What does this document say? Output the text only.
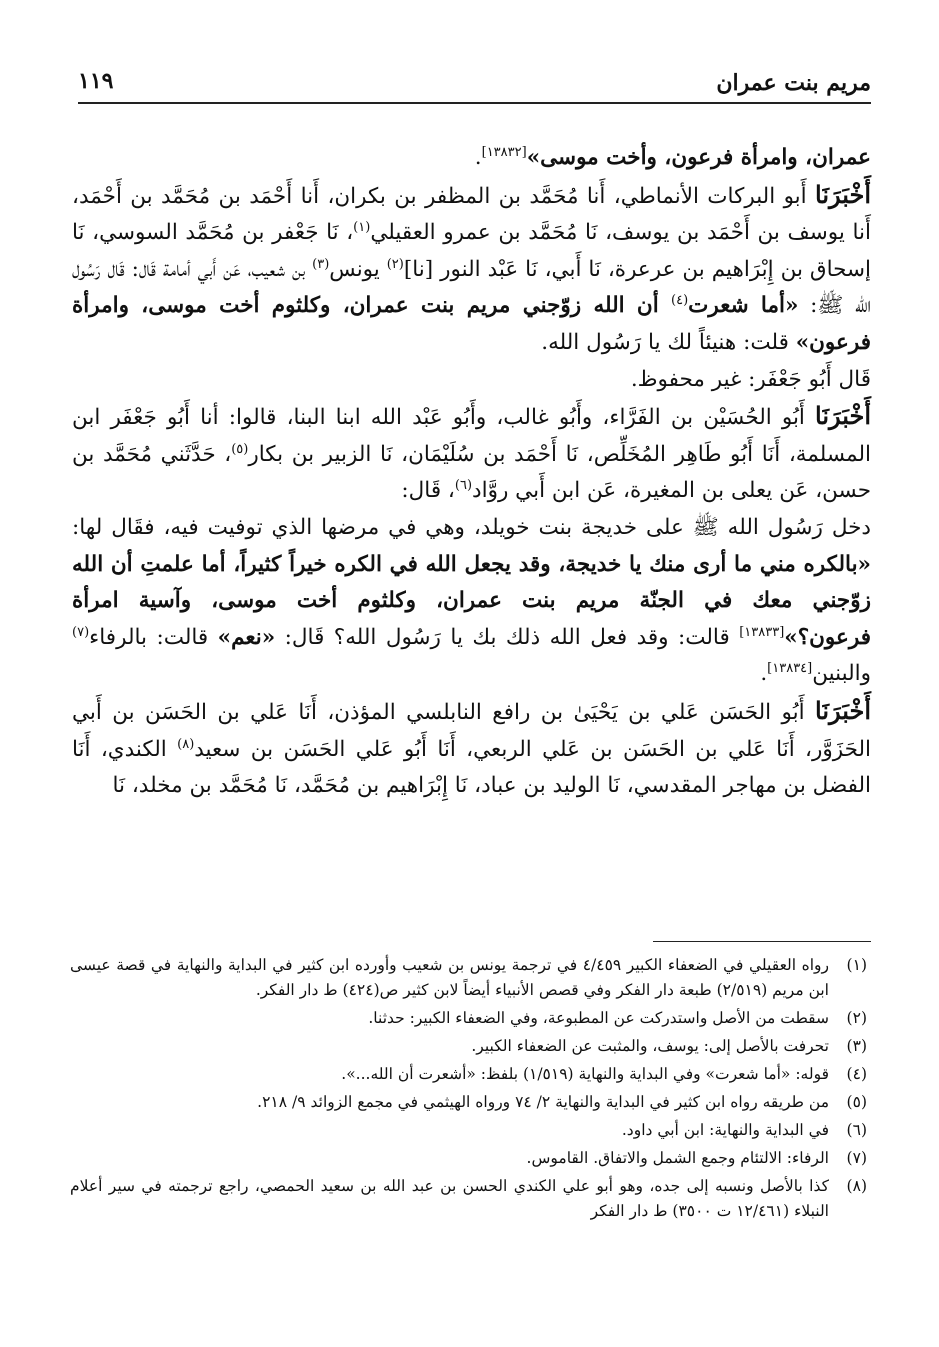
مريم بنت عمران
١١٩

عمران، وامرأة فرعون، وأخت موسى»[١٣٨٣٢].

أَخْبَرَنَا أَبو البركات الأنماطي، أَنا مُحَمَّد بن المظفر بن بكران، أَنا أَحْمَد بن مُحَمَّد بن أَحْمَد، أَنا يوسف بن أَحْمَد بن يوسف، نَا مُحَمَّد بن عمرو العقيلي$^{(١)}$، نَا جَعْفر بن مُحَمَّد السوسي، نَا إسحاق بن إِبْرَاهيم بن عرعرة، نَا أَبي، نَا عَبْد النور [نا]$^{(٢)}$ يونس$^{(٣)}$ بن شعيب، عَن أَبي أمامة قَال: قَال رَسُول الله ﷺ: «أما شعرت$^{(٤)}$ أن الله زوّجني مريم بنت عمران، وكلثوم أخت موسى، وامرأة فرعون» قلت: هنيئاً لك يا رَسُول الله.

قَال أَبُو جَعْفَر: غير محفوظ.

أَخْبَرَنَا أَبُو الحُسَيْن بن الفَرَّاء، وأَبُو غالب، وأَبُو عَبْد الله ابنا البنا، قالوا: أنا أَبُو جَعْفَر ابن المسلمة، أَنَا أَبُو طَاهِر المُخَلِّص، نَا أَحْمَد بن سُلَيْمَان، نَا الزبير بن بكار$^{(٥)}$، حَدَّثَني مُحَمَّد بن حسن، عَن يعلى بن المغيرة، عَن ابن أَبي روَّاد$^{(٦)}$، قَال:

دخل رَسُول الله ﷺ على خديجة بنت خويلد، وهي في مرضها الذي توفيت فيه، فقَال لها: «بالكره مني ما أرى منك يا خديجة، وقد يجعل الله في الكره خيراً كثيراً، أما علمتِ أن الله زوّجني معك في الجنّة مريم بنت عمران، وكلثوم أخت موسى، وآسية امرأة فرعون؟»[١٣٨٣٣] قالت: وقد فعل الله ذلك بك يا رَسُول الله؟ قَال: «نعم» قالت: بالرفاء$^{(٧)}$ والبنين[١٣٨٣٤].

أَخْبَرَنَا أَبُو الحَسَن عَلي بن يَحْيَىٰ بن رافع النابلسي المؤذن، أَنَا عَلي بن الحَسَن بن أَبي الحَزَوَّر، أَنَا عَلي بن الحَسَن بن عَلي الربعي، أَنَا أَبُو عَلي الحَسَن بن سعيد$^{(٨)}$ الكندي، أَنَا الفضل بن مهاجر المقدسي، نَا الوليد بن عباد، نَا إِبْرَاهيم بن مُحَمَّد، نَا مُحَمَّد بن مخلد، نَا

(١)
رواه العقيلي في الضعفاء الكبير ٤/٤٥٩ في ترجمة يونس بن شعيب وأورده ابن كثير في البداية والنهاية في قصة عيسى ابن مريم (٢/٥١٩) طبعة دار الفكر وفي قصص الأنبياء أيضاً لابن كثير ص(٤٢٤) ط دار الفكر.
(٢)
سقطت من الأصل واستدركت عن المطبوعة، وفي الضعفاء الكبير: حدثنا.
(٣)
تحرفت بالأصل إلى: يوسف، والمثبت عن الضعفاء الكبير.
(٤)
قوله: «أما شعرت» وفي البداية والنهاية (١/٥١٩) بلفظ: «أشعرت أن الله...».
(٥)
من طريقه رواه ابن كثير في البداية والنهاية ٢/ ٧٤ ورواه الهيثمي في مجمع الزوائد ٩/ ٢١٨.
(٦)
في البداية والنهاية: ابن أبي داود.
(٧)
الرفاء: الالتئام وجمع الشمل والاتفاق. القاموس.
(٨)
كذا بالأصل ونسبه إلى جده، وهو أبو علي الكندي الحسن بن عبد الله بن سعيد الحمصي، راجع ترجمته في سير أعلام النبلاء (١٢/٤٦١ ت ٣٥٠٠) ط دار الفكر
